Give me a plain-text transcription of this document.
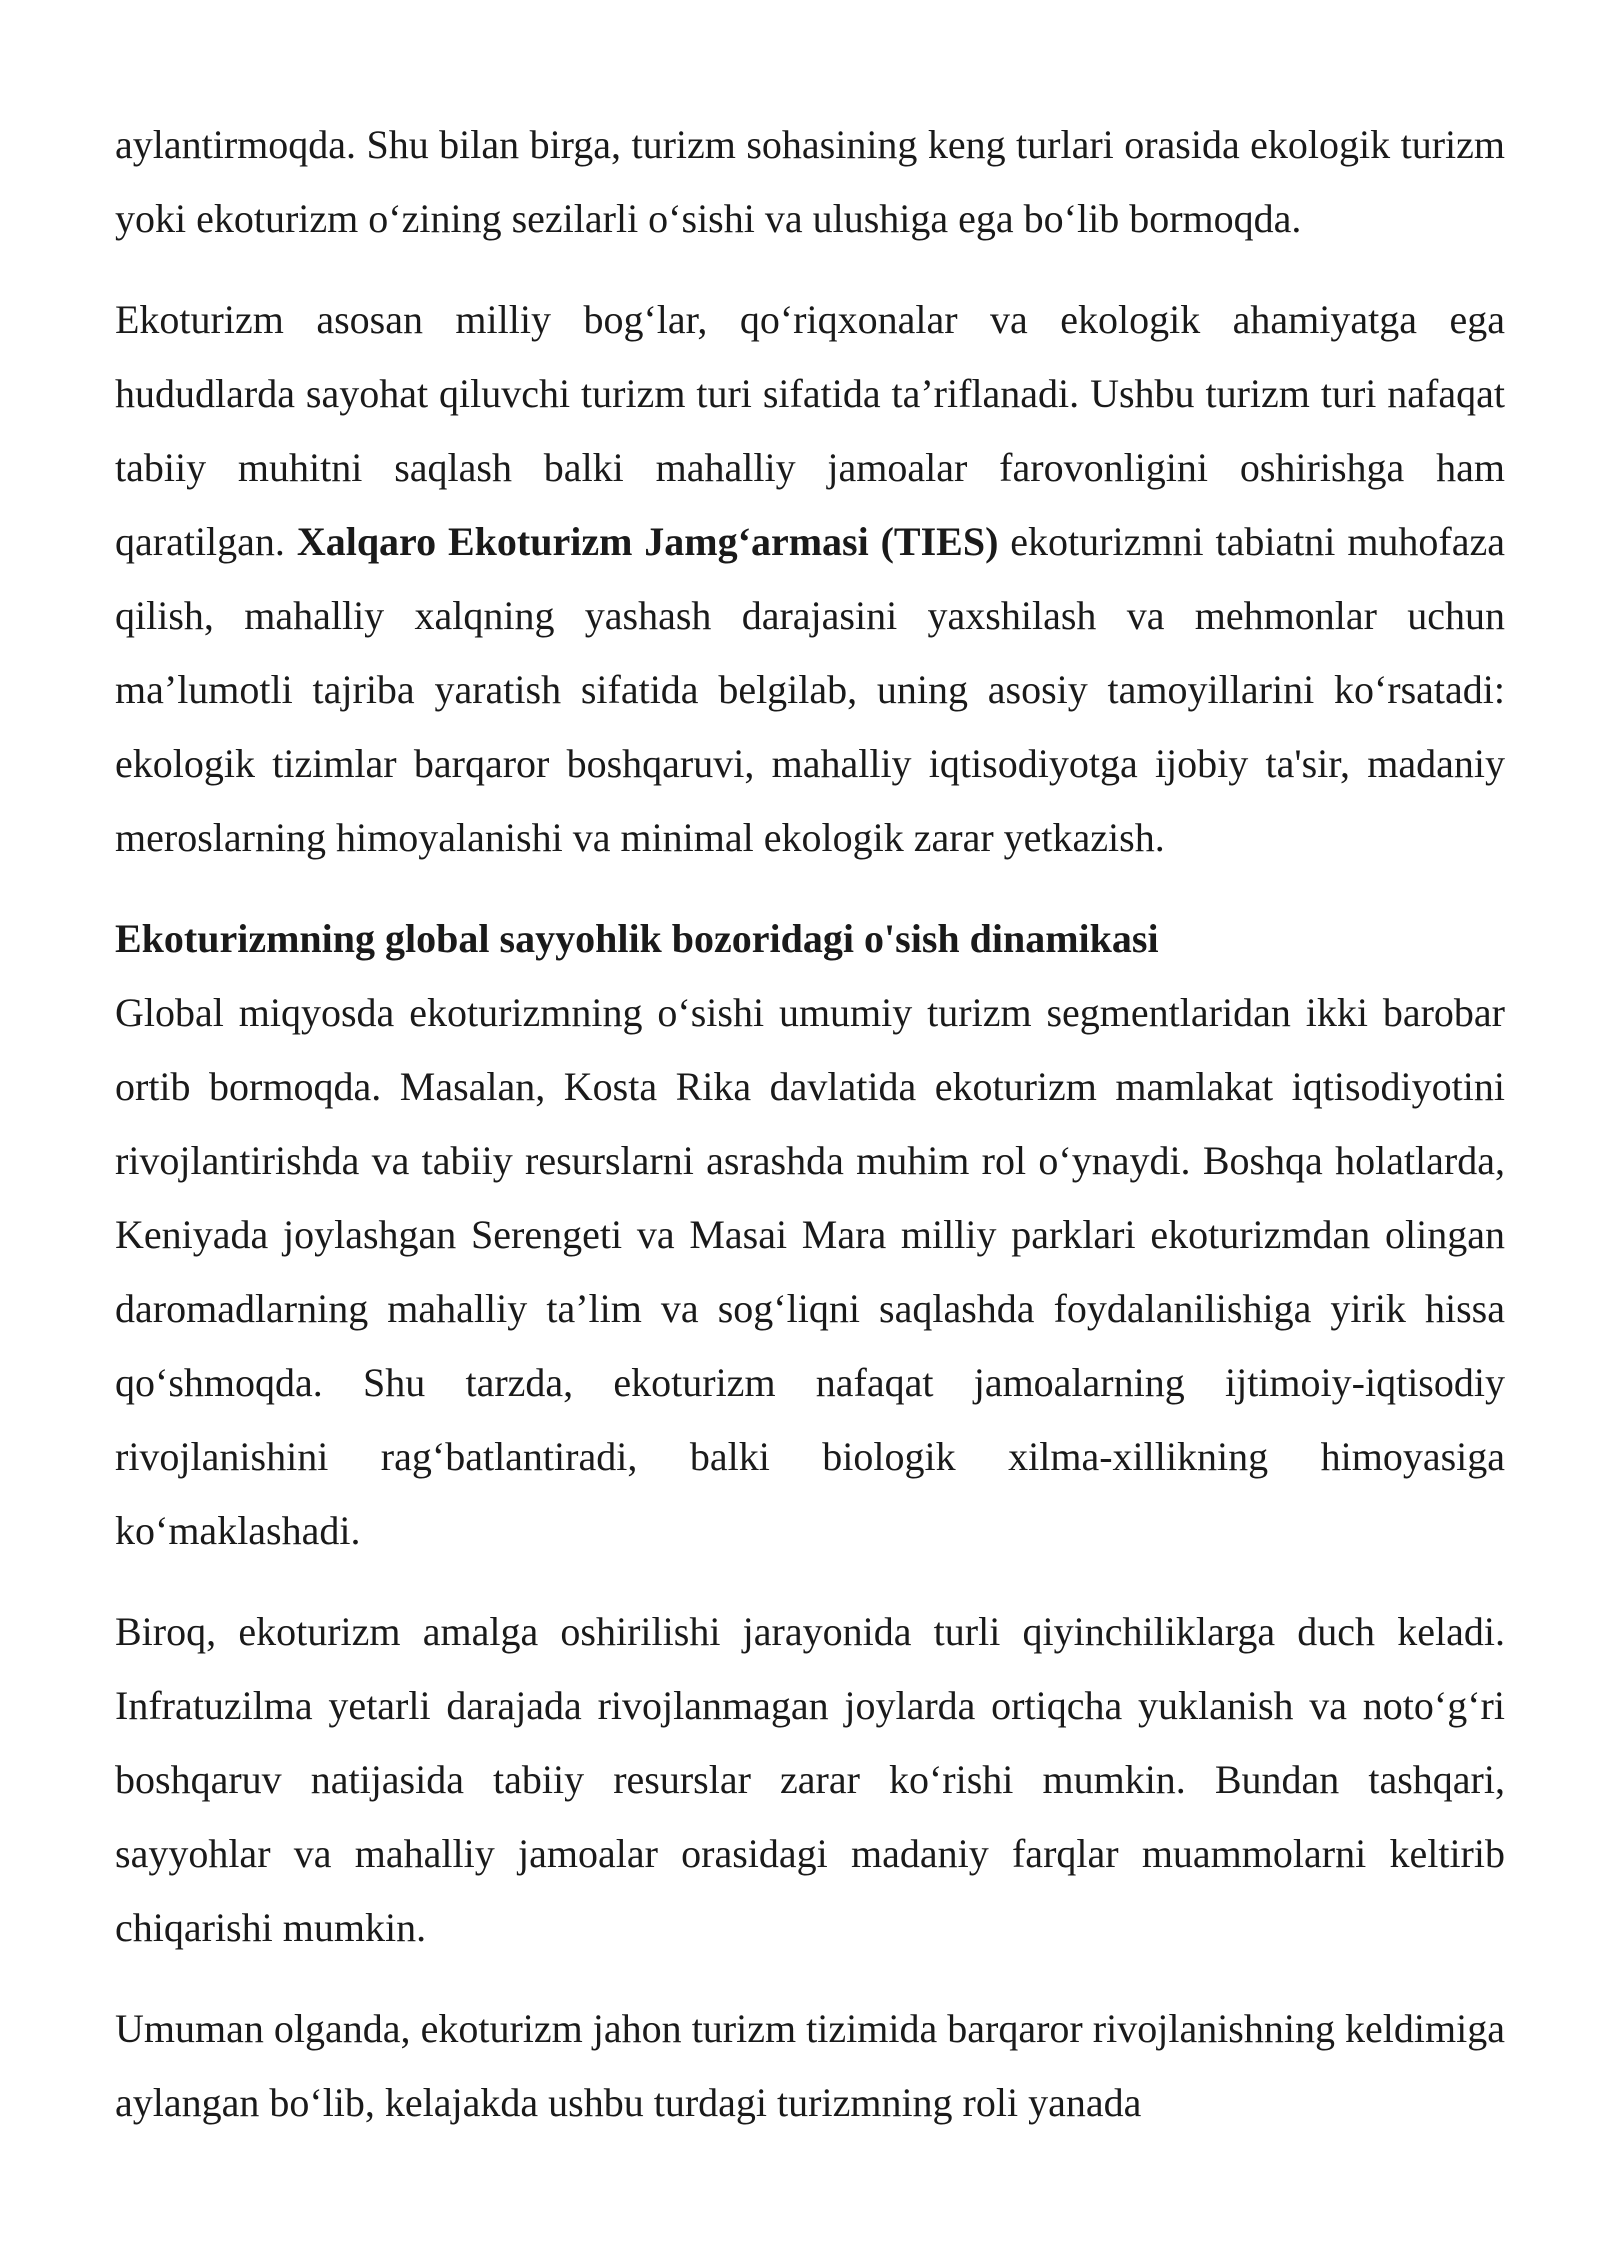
aylantirmoqda. Shu bilan birga, turizm sohasining keng turlari orasida ekologik turizm yoki ekoturizm o‘zining sezilarli o‘sishi va ulushiga ega bo‘lib bormoqda.

Ekoturizm asosan milliy bog‘lar, qo‘riqxonalar va ekologik ahamiyatga ega hududlarda sayohat qiluvchi turizm turi sifatida ta’riflanadi. Ushbu turizm turi nafaqat tabiiy muhitni saqlash balki mahalliy jamoalar farovonligini oshirishga ham qaratilgan. Xalqaro Ekoturizm Jamg‘armasi (TIES) ekoturizmni tabiatni muhofaza qilish, mahalliy xalqning yashash darajasini yaxshilash va mehmonlar uchun ma’lumotli tajriba yaratish sifatida belgilab, uning asosiy tamoyillarini ko‘rsatadi: ekologik tizimlar barqaror boshqaruvi, mahalliy iqtisodiyotga ijobiy ta'sir, madaniy meroslarning himoyalanishi va minimal ekologik zarar yetkazish.

Ekoturizmning global sayyohlik bozoridagi o'sish dinamikasi

Global miqyosda ekoturizmning o‘sishi umumiy turizm segmentlaridan ikki barobar ortib bormoqda. Masalan, Kosta Rika davlatida ekoturizm mamlakat iqtisodiyotini rivojlantirishda va tabiiy resurslarni asrashda muhim rol o‘ynaydi. Boshqa holatlarda, Keniyada joylashgan Serengeti va Masai Mara milliy parklari ekoturizmdan olingan daromadlarning mahalliy ta’lim va sog‘liqni saqlashda foydalanilishiga yirik hissa qo‘shmoqda. Shu tarzda, ekoturizm nafaqat jamoalarning ijtimoiy-iqtisodiy rivojlanishini rag‘batlantiradi, balki biologik xilma-xillikning himoyasiga ko‘maklashadi.

Biroq, ekoturizm amalga oshirilishi jarayonida turli qiyinchiliklarga duch keladi. Infratuzilma yetarli darajada rivojlanmagan joylarda ortiqcha yuklanish va noto‘g‘ri boshqaruv natijasida tabiiy resurslar zarar ko‘rishi mumkin. Bundan tashqari, sayyohlar va mahalliy jamoalar orasidagi madaniy farqlar muammolarni keltirib chiqarishi mumkin.

Umuman olganda, ekoturizm jahon turizm tizimida barqaror rivojlanishning keldimiga aylangan bo‘lib, kelajakda ushbu turdagi turizmning roli yanada
